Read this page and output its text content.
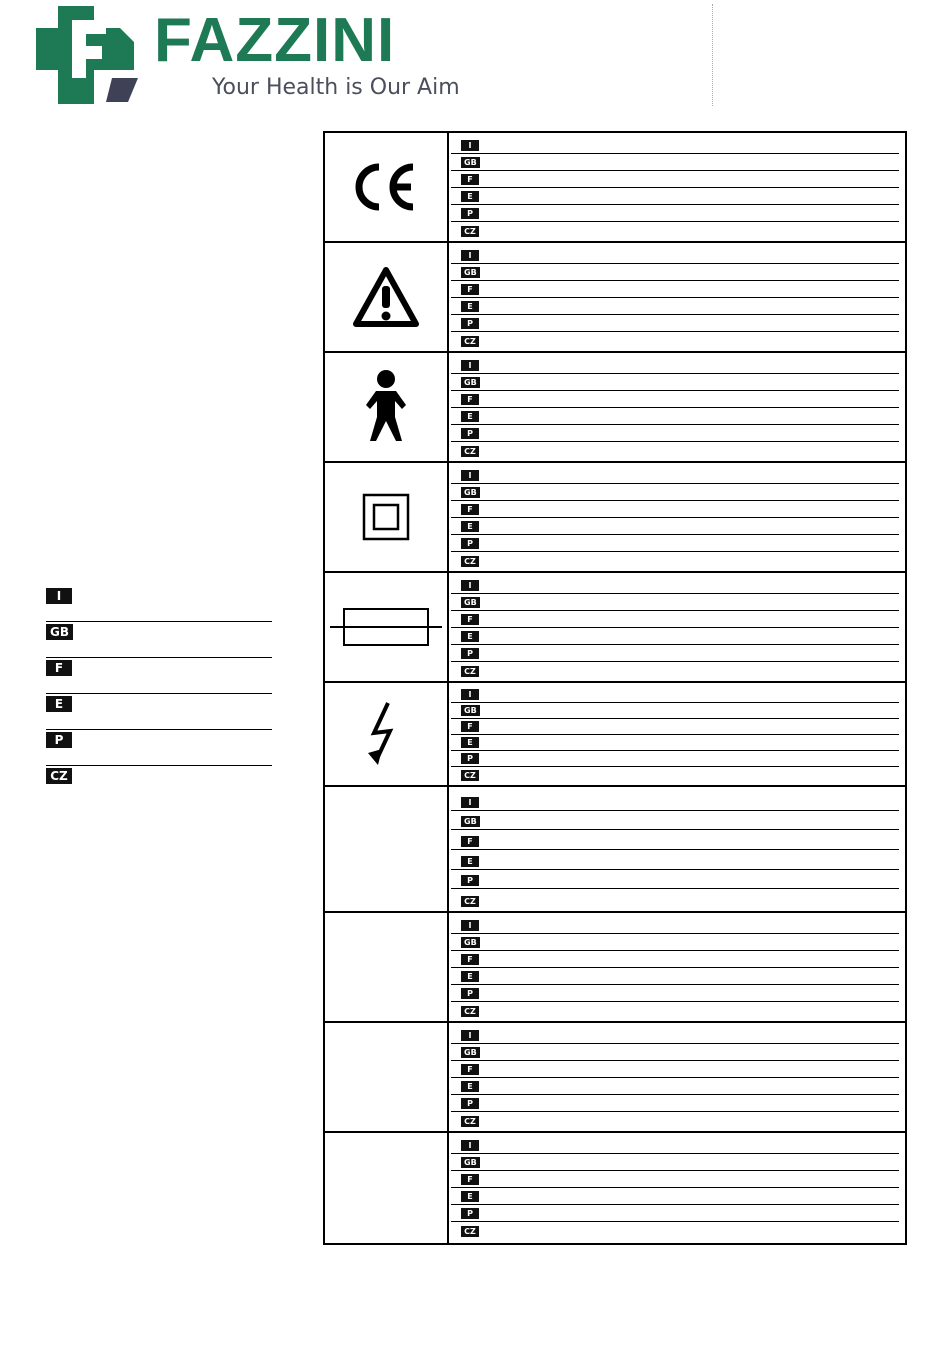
FAZZINI
Your Health is Our Aim
I
GB
F
E
P
CZ
I
GB
F
E
P
CZ
I
GB
F
E
P
CZ
I
GB
F
E
P
CZ
I
GB
F
E
P
CZ
I
GB
F
E
P
CZ
I
GB
F
E
P
CZ
I
GB
F
E
P
CZ
I
GB
F
E
P
CZ
I
GB
F
E
P
CZ
I
GB
F
E
P
CZ
